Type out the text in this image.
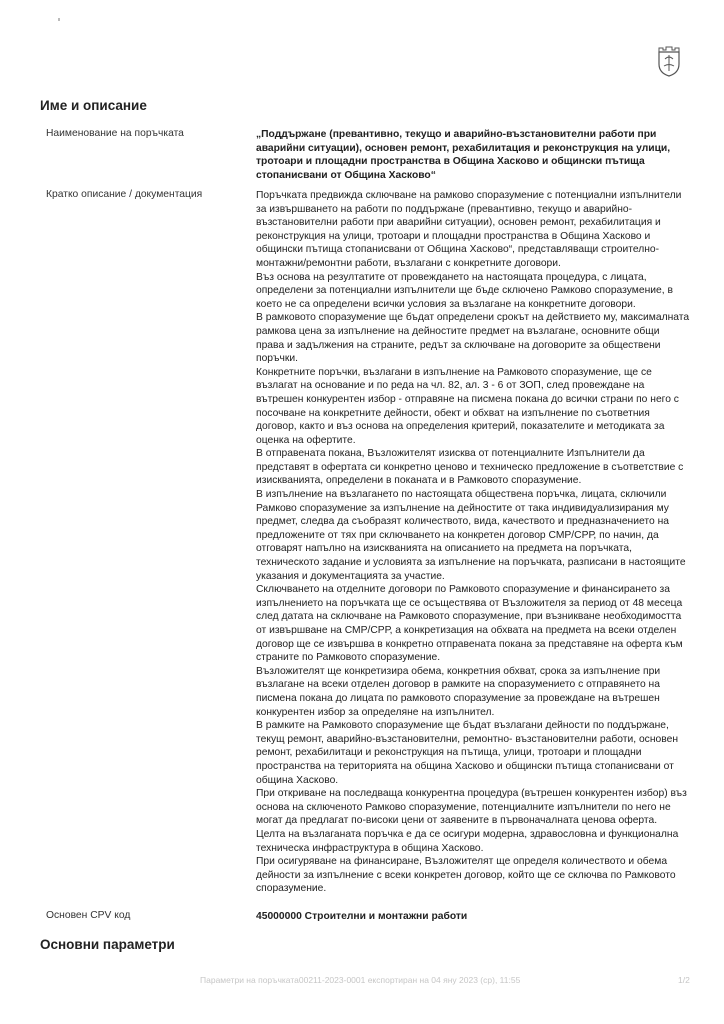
Име и описание
Наименование на поръчката	„Поддържане (превантивно, текущо и аварийно-възстановителни работи при аварийни ситуации), основен ремонт, рехабилитация и реконструкция на улици, тротоари и площадни пространства в Община Хасково и общински пътища стопанисвани от Община Хасково“
Кратко описание / документация	Поръчката предвижда сключване на рамково споразумение с потенциални изпълнители за извършването на работи по поддържане (превантивно, текущо и аварийно-възстановителни работи при аварийни ситуации), основен ремонт, рехабилитация и реконструкция на улици, тротоари и площадни пространства в Община Хасково и общински пътища стопанисвани от Община Хасково“, представляващи строително-монтажни/ремонтни работи, възлагани с конкретните договори.

Въз основа на резултатите от провеждането на настоящата процедура, с лицата, определени за потенциални изпълнители ще бъде сключено Рамково споразумение, в което не са определени всички условия за възлагане на конкретните договори.

В рамковото споразумение ще бъдат определени срокът на действието му, максималната рамкова цена за изпълнение на дейностите предмет на възлагане, основните общи права и задължения на страните, редът за сключване на договорите за обществени поръчки.

Конкретните поръчки, възлагани в изпълнение на Рамковото споразумение, ще се възлагат на основание и по реда на чл. 82, ал. 3 - 6 от ЗОП, след провеждане на вътрешен конкурентен избор - отправяне на писмена покана до всички страни по него с посочване на конкретните дейности, обект и обхват на изпълнение по съответния договор, както и въз основа на определения критерий, показателите и методиката за оценка на офертите.

В отправената покана, Възложителят изисква от потенциалните Изпълнители да представят в офертата си конкретно ценово и техническо предложение в съответствие с изискванията, определени в поканата и в Рамковото споразумение.

В изпълнение на възлагането по настоящата обществена поръчка, лицата, сключили Рамково споразумение за изпълнение на дейностите от така индивидуализирания му предмет, следва да съобразят количеството, вида, качеството и предназначението на предложените от тях при сключването на конкретен договор СМР/СРР, по начин, да отговарят напълно на изискванията на описанието на предмета на поръчката, техническото задание и условията за изпълнение на поръчката, разписани в настоящите указания и документацията за участие.

Сключването на отделните договори по Рамковото споразумение и финансирането за изпълнението на поръчката ще се осъществява от Възложителя за период от 48 месеца след датата на сключване на Рамковото споразумение, при възникване необходимостта от извършване на СМР/СРР, а конкретизация на обхвата на предмета на всеки отделен договор ще се извършва в конкретно отправената покана за представяне на оферта към страните по Рамковото споразумение.

Възложителят ще конкретизира обема, конкретния обхват, срока за изпълнение при възлагане на всеки отделен договор в рамките на споразумението с отправянето на писмена покана до лицата по рамковото споразумение за провеждане на вътрешен конкурентен избор за определяне на изпълнител.

В рамките на Рамковото споразумение ще бъдат възлагани дейности по поддържане, текущ ремонт, аварийно-възстановителни, ремонтно- възстановителни работи, основен ремонт, рехабилитаци и реконструкция на пътища, улици, тротоари и площадни пространства на територията на община Хасково и общински пътища стопанисвани от община Хасково.

При откриване на последваща конкурентна процедура (вътрешен конкурентен избор) въз основа на сключеното Рамково споразумение, потенциалните изпълнители по него не могат да предлагат по-високи цени от заявените в първоначалната ценова оферта.

Целта на възлаганата поръчка е да се осигури модерна, здравословна и функционална техническа инфраструктура в община Хасково.

При осигуряване на финансиране, Възложителят ще определя количеството и обема дейности за изпълнение с всеки конкретен договор, който ще се сключва по Рамковото споразумение.

Основен CPV код	45000000 Строителни и монтажни работи
Основни параметри
Параметри на поръчката00211-2023-0001 експортиран на 04 яну 2023 (ср), 11:55	1/2
